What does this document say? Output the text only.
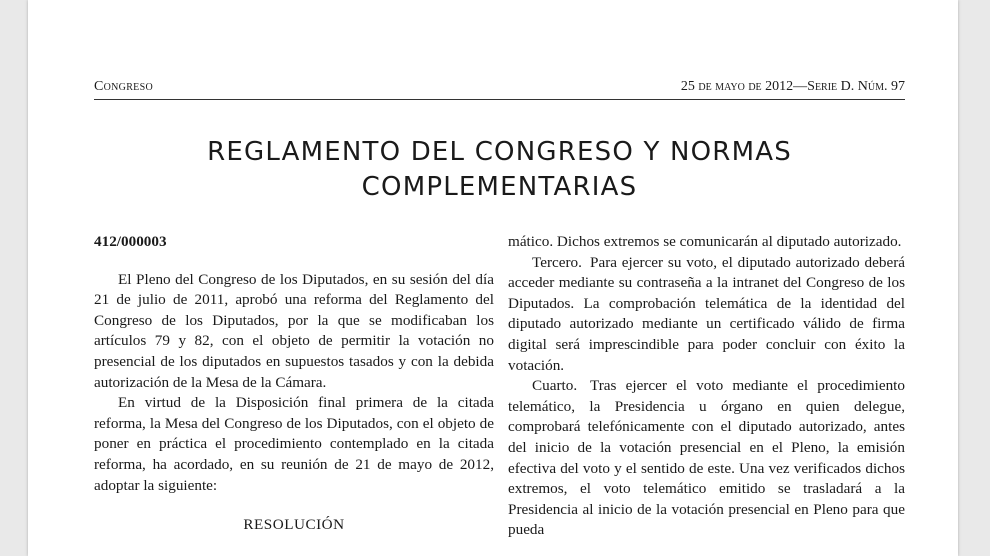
Congreso	25 de mayo de 2012—Serie D. Núm. 97
REGLAMENTO DEL CONGRESO Y NORMAS
COMPLEMENTARIAS

412/000003

El Pleno del Congreso de los Diputados, en su sesión del día 21 de julio de 2011, aprobó una reforma del Reglamento del Congreso de los Diputados, por la que se modificaban los artículos 79 y 82, con el objeto de permitir la votación no presencial de los diputados en supuestos tasados y con la debida autorización de la Mesa de la Cámara.

En virtud de la Disposición final primera de la citada reforma, la Mesa del Congreso de los Diputados, con el objeto de poner en práctica el procedimiento contemplado en la citada reforma, ha acordado, en su reunión de 21 de mayo de 2012, adoptar la siguiente:

RESOLUCIÓN

mático. Dichos extremos se comunicarán al diputado autorizado.

Tercero. Para ejercer su voto, el diputado autorizado deberá acceder mediante su contraseña a la intranet del Congreso de los Diputados. La comprobación telemática de la identidad del diputado autorizado mediante un certificado válido de firma digital será imprescindible para poder concluir con éxito la votación.

Cuarto. Tras ejercer el voto mediante el procedimiento telemático, la Presidencia u órgano en quien delegue, comprobará telefónicamente con el diputado autorizado, antes del inicio de la votación presencial en el Pleno, la emisión efectiva del voto y el sentido de este. Una vez verificados dichos extremos, el voto telemático emitido se trasladará a la Presidencia al inicio de la votación presencial en Pleno para que pueda
